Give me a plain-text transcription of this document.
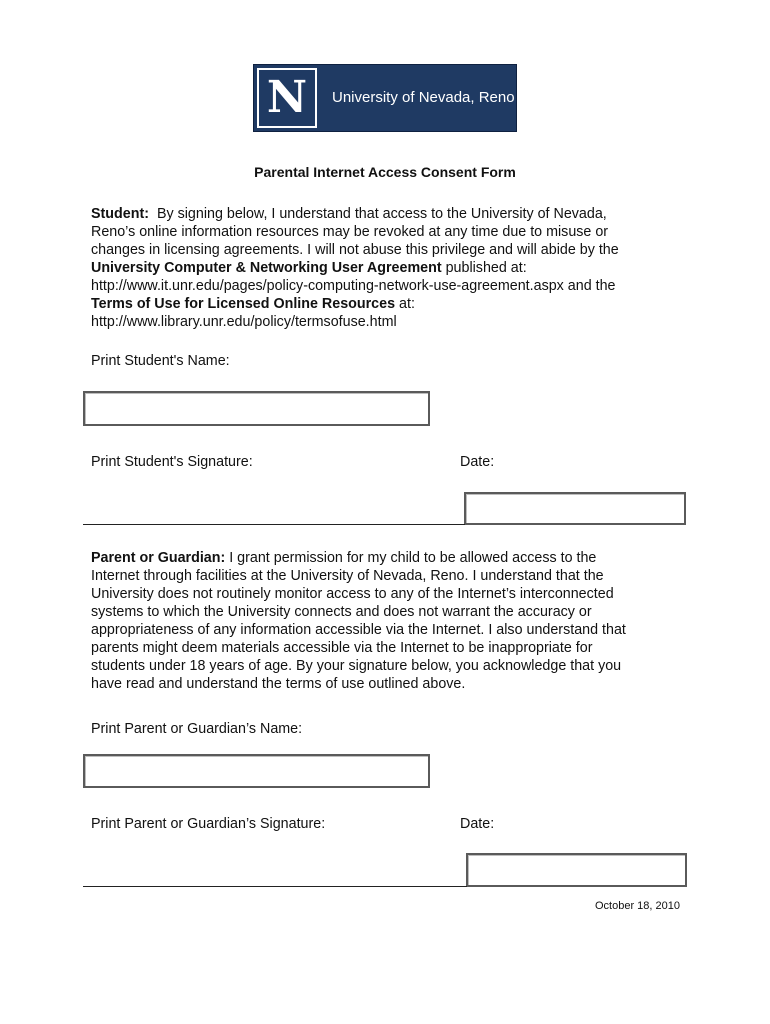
N University of Nevada, Reno
Parental Internet Access Consent Form
Student: By signing below, I understand that access to the University of Nevada,
Reno’s online information resources may be revoked at any time due to misuse or
changes in licensing agreements. I will not abuse this privilege and will abide by the
University Computer & Networking User Agreement published at:
http://www.it.unr.edu/pages/policy-computing-network-use-agreement.aspx and the
Terms of Use for Licensed Online Resources at:
http://www.library.unr.edu/policy/termsofuse.html
Print Student's Name:
Print Student's Signature:	Date:
Parent or Guardian: I grant permission for my child to be allowed access to the
Internet through facilities at the University of Nevada, Reno. I understand that the
University does not routinely monitor access to any of the Internet’s interconnected
systems to which the University connects and does not warrant the accuracy or
appropriateness of any information accessible via the Internet. I also understand that
parents might deem materials accessible via the Internet to be inappropriate for
students under 18 years of age. By your signature below, you acknowledge that you
have read and understand the terms of use outlined above.
Print Parent or Guardian’s Name:
Print Parent or Guardian’s Signature:	Date:
October 18, 2010
